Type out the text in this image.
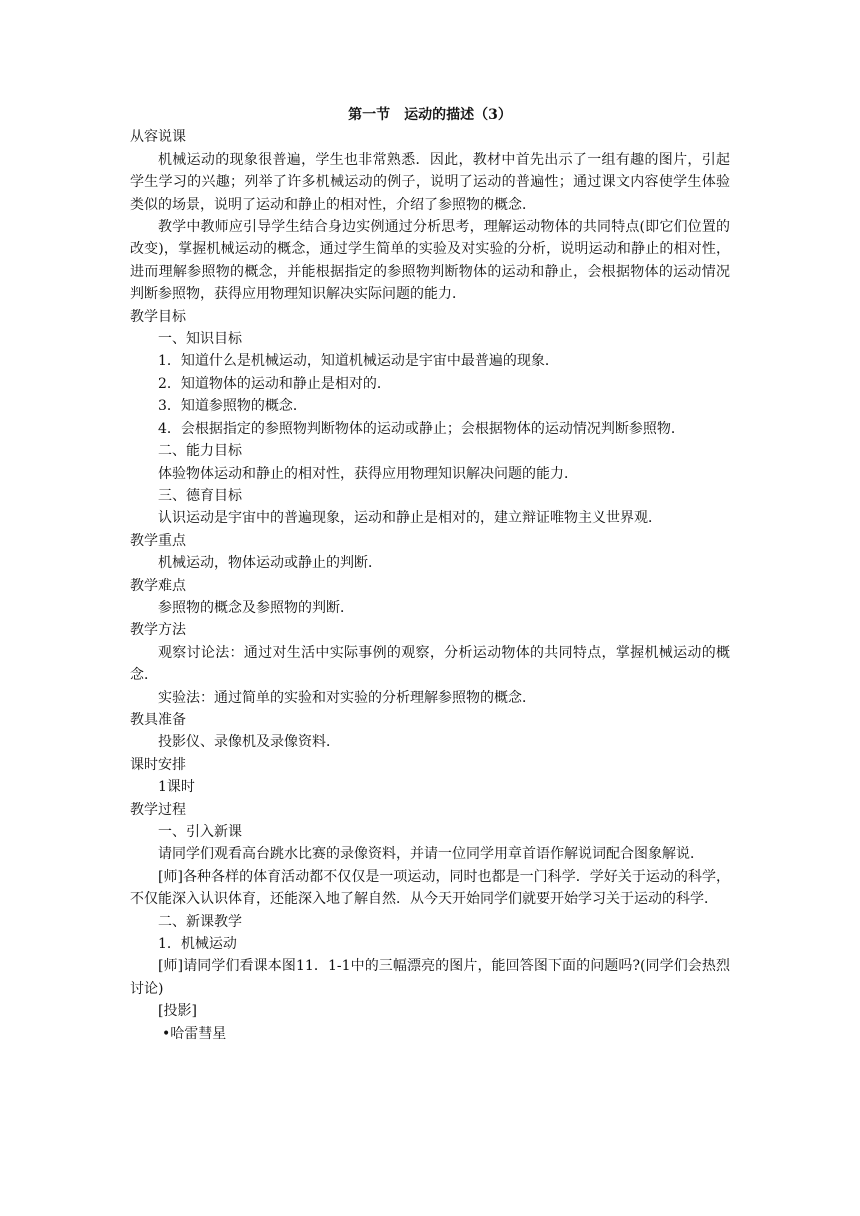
第一节　运动的描述（3）

从容说课

机械运动的现象很普遍，学生也非常熟悉．因此，教材中首先出示了一组有趣的图片，引起学生学习的兴趣；列举了许多机械运动的例子，说明了运动的普遍性；通过课文内容使学生体验类似的场景，说明了运动和静止的相对性，介绍了参照物的概念．

教学中教师应引导学生结合身边实例通过分析思考，理解运动物体的共同特点(即它们位置的改变)，掌握机械运动的概念，通过学生简单的实验及对实验的分析，说明运动和静止的相对性，进而理解参照物的概念，并能根据指定的参照物判断物体的运动和静止，会根据物体的运动情况判断参照物，获得应用物理知识解决实际问题的能力．

教学目标

一、知识目标

1．知道什么是机械运动，知道机械运动是宇宙中最普遍的现象．

2．知道物体的运动和静止是相对的．

3．知道参照物的概念．

4．会根据指定的参照物判断物体的运动或静止；会根据物体的运动情况判断参照物．

二、能力目标

体验物体运动和静止的相对性，获得应用物理知识解决问题的能力．

三、德育目标

认识运动是宇宙中的普遍现象，运动和静止是相对的，建立辩证唯物主义世界观．

教学重点

机械运动，物体运动或静止的判断．

教学难点

参照物的概念及参照物的判断．

教学方法

观察讨论法：通过对生活中实际事例的观察，分析运动物体的共同特点，掌握机械运动的概念．

实验法：通过简单的实验和对实验的分析理解参照物的概念．

教具准备

投影仪、录像机及录像资料．

课时安排

1课时

教学过程

一、引入新课

请同学们观看高台跳水比赛的录像资料，并请一位同学用章首语作解说词配合图象解说．

[师]各种各样的体育活动都不仅仅是一项运动，同时也都是一门科学．学好关于运动的科学，不仅能深入认识体育，还能深入地了解自然．从今天开始同学们就要开始学习关于运动的科学．

二、新课教学

1．机械运动

[师]请同学们看课本图11．1-1中的三幅漂亮的图片，能回答图下面的问题吗?(同学们会热烈讨论)

[投影]

•哈雷彗星
